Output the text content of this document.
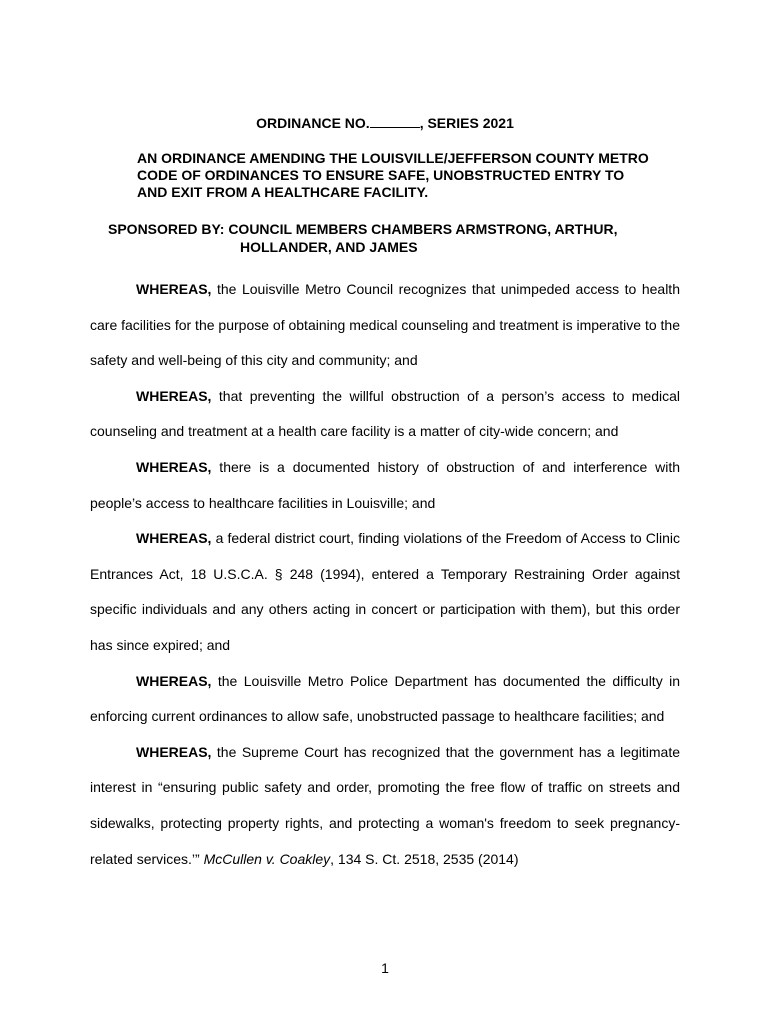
ORDINANCE NO.	, SERIES 2021
AN ORDINANCE AMENDING THE LOUISVILLE/JEFFERSON COUNTY METRO CODE OF ORDINANCES TO ENSURE SAFE, UNOBSTRUCTED ENTRY TO AND EXIT FROM A HEALTHCARE FACILITY.
SPONSORED BY: COUNCIL MEMBERS CHAMBERS ARMSTRONG, ARTHUR,
HOLLANDER, AND JAMES

WHEREAS, the Louisville Metro Council recognizes that unimpeded access to health care facilities for the purpose of obtaining medical counseling and treatment is imperative to the safety and well-being of this city and community; and

WHEREAS, that preventing the willful obstruction of a person’s access to medical counseling and treatment at a health care facility is a matter of city-wide concern; and

WHEREAS, there is a documented history of obstruction of and interference with people’s access to healthcare facilities in Louisville; and

WHEREAS, a federal district court, finding violations of the Freedom of Access to Clinic Entrances Act, 18 U.S.C.A. § 248 (1994), entered a Temporary Restraining Order against specific individuals and any others acting in concert or participation with them), but this order has since expired; and

WHEREAS, the Louisville Metro Police Department has documented the difficulty in enforcing current ordinances to allow safe, unobstructed passage to healthcare facilities; and

WHEREAS, the Supreme Court has recognized that the government has a legitimate interest in “ensuring public safety and order, promoting the free flow of traffic on streets and sidewalks, protecting property rights, and protecting a woman's freedom to seek pregnancy-related services.’” McCullen v. Coakley, 134 S. Ct. 2518, 2535 (2014)

1
